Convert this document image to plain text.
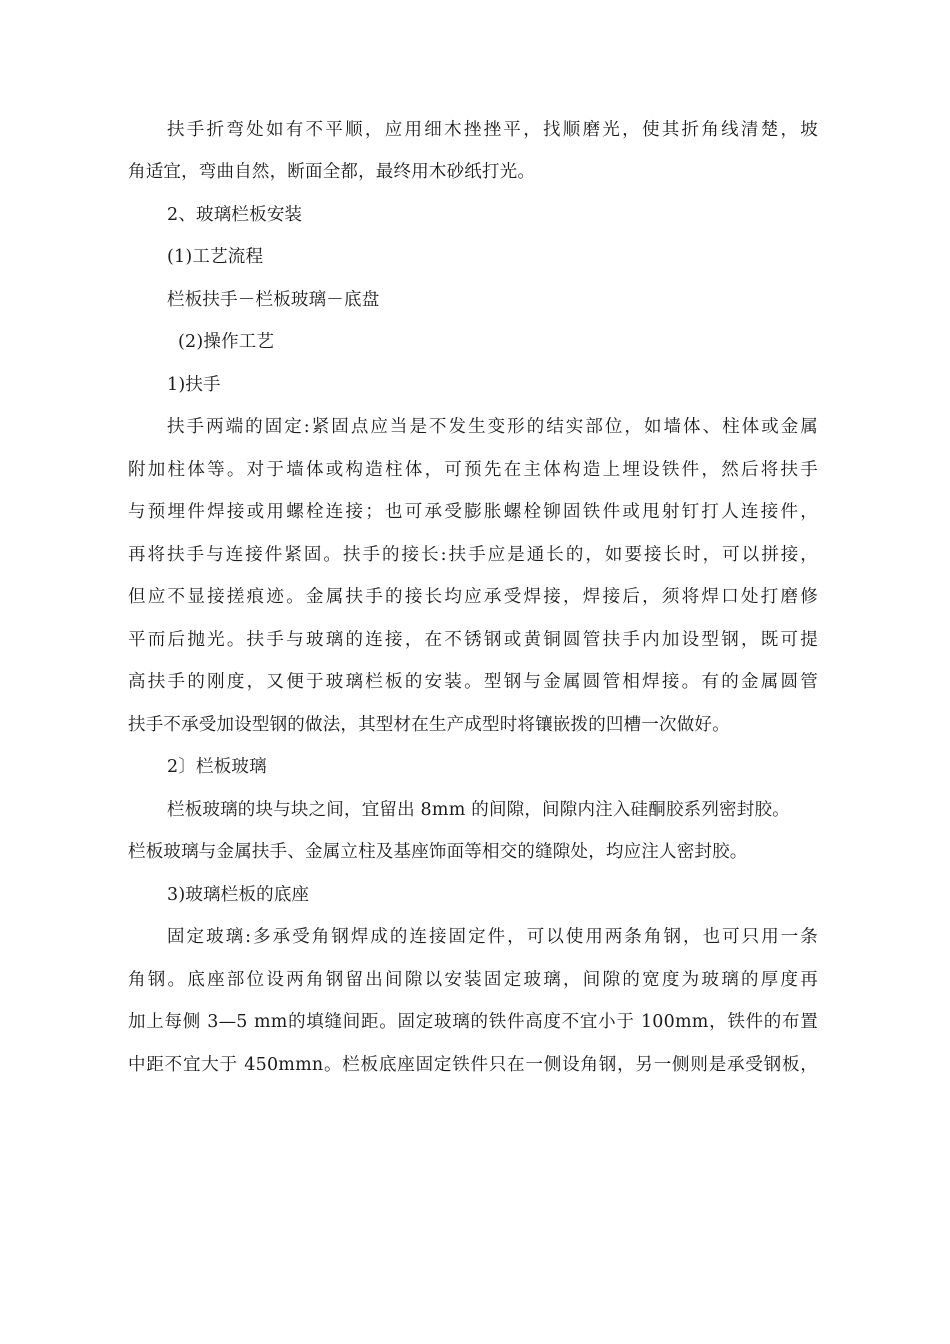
扶手折弯处如有不平顺，应用细木挫挫平，找顺磨光，使其折角线清楚，坡
角适宜，弯曲自然，断面全都，最终用木砂纸打光。
2、玻璃栏板安装
(1)工艺流程
栏板扶手－栏板玻璃－底盘
(2)操作工艺
1)扶手
扶手两端的固定:紧固点应当是不发生变形的结实部位，如墙体、柱体或金属
附加柱体等。对于墙体或构造柱体，可预先在主体构造上埋设铁件，然后将扶手
与预埋件焊接或用螺栓连接；也可承受膨胀螺栓铆固铁件或甩射钉打人连接件，
再将扶手与连接件紧固。扶手的接长:扶手应是通长的，如要接长时，可以拼接，
但应不显接搓痕迹。金属扶手的接长均应承受焊接，焊接后，须将焊口处打磨修
平而后抛光。扶手与玻璃的连接，在不锈钢或黄铜圆管扶手内加设型钢，既可提
高扶手的刚度，又便于玻璃栏板的安装。型钢与金属圆管相焊接。有的金属圆管
扶手不承受加设型钢的做法，其型材在生产成型时将镶嵌拨的凹槽一次做好。
2〕栏板玻璃
栏板玻璃的块与块之间，宜留出 8mm 的间隙，间隙内注入硅酮胶系列密封胶。
栏板玻璃与金属扶手、金属立柱及基座饰面等相交的缝隙处，均应注人密封胶。
3)玻璃栏板的底座
固定玻璃:多承受角钢焊成的连接固定件，可以使用两条角钢，也可只用一条
角钢。底座部位设两角钢留出间隙以安装固定玻璃，间隙的宽度为玻璃的厚度再
加上每侧 3—5 mm的填缝间距。固定玻璃的铁件高度不宜小于 100mm，铁件的布置
中距不宜大于 450mmn。栏板底座固定铁件只在一侧设角钢，另一侧则是承受钢板，
